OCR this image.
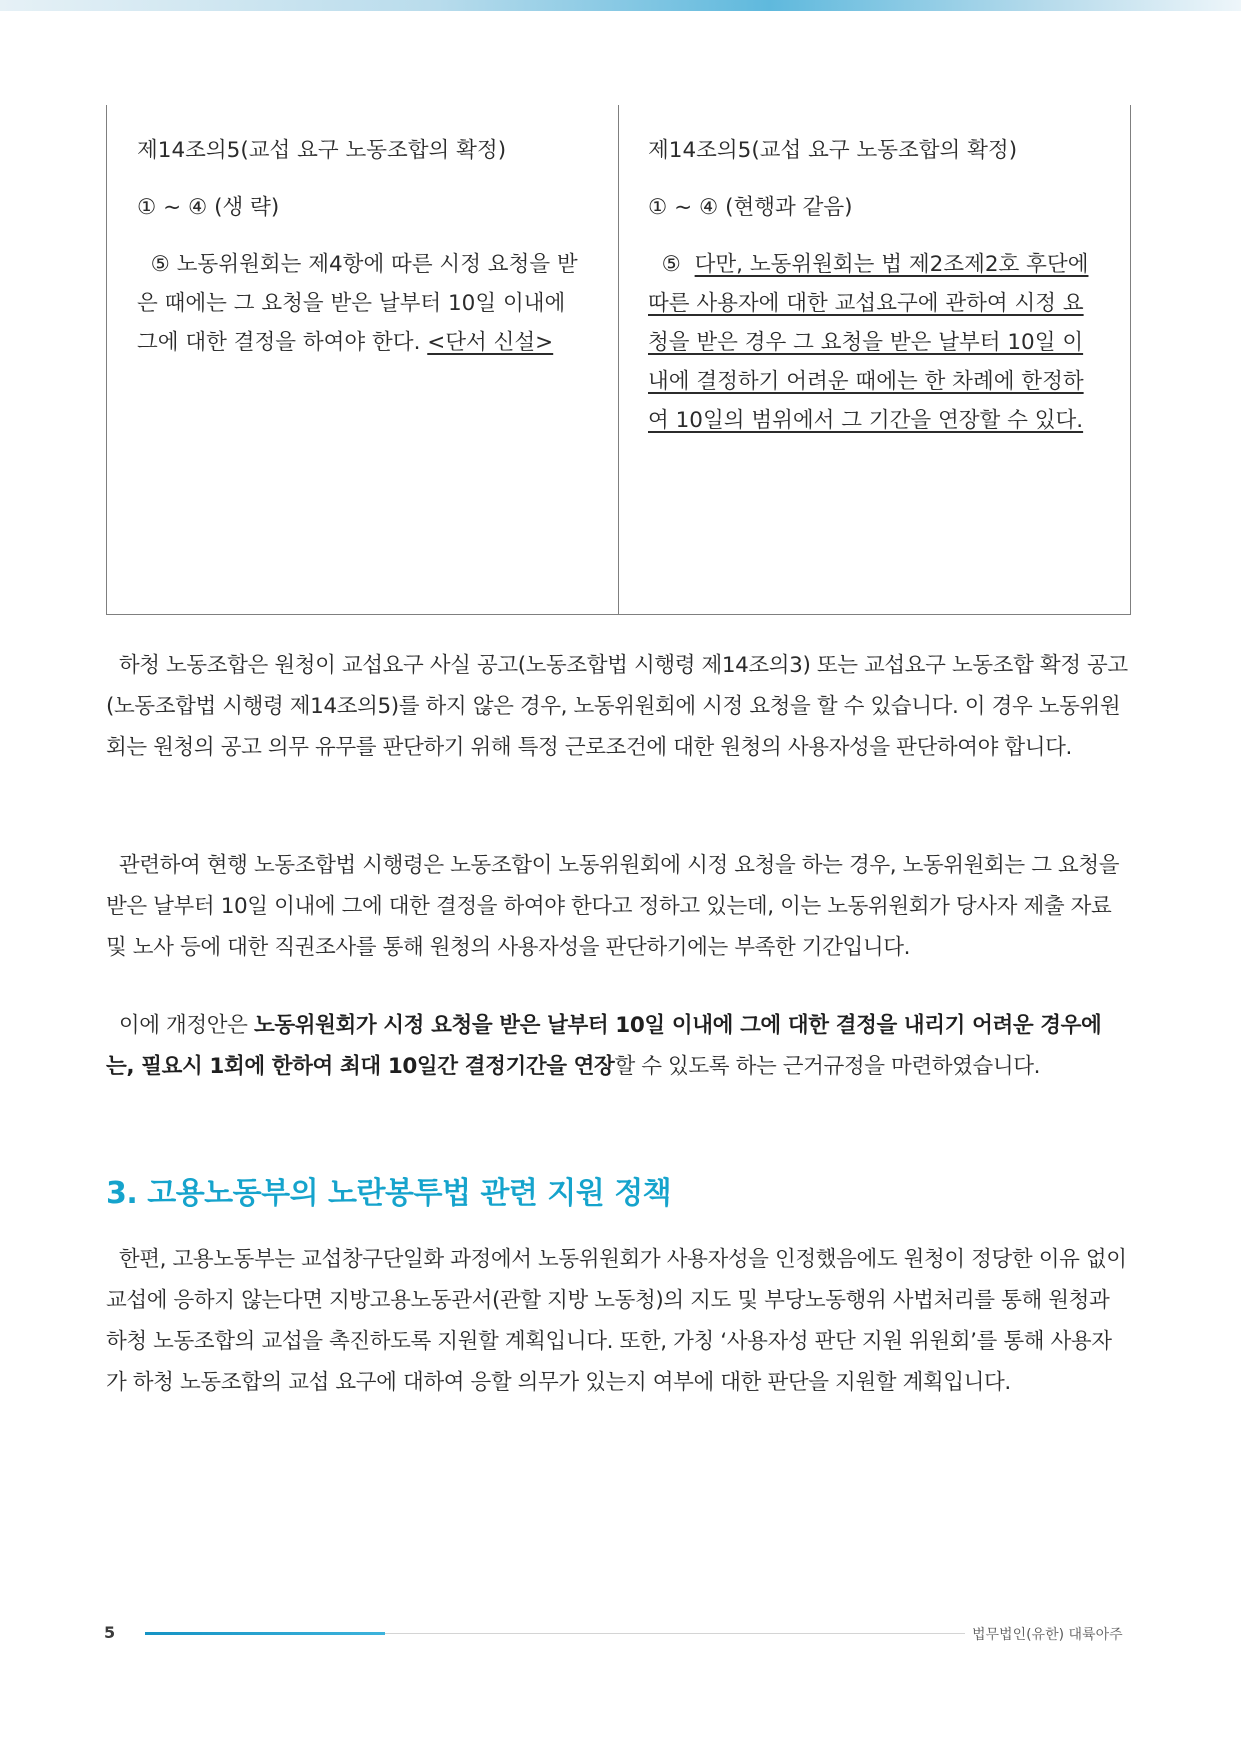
제14조의5(교섭 요구 노동조합의 확정)

① ~ ④ (생 략)

⑤ 노동위원회는 제4항에 따른 시정 요청을 받은 때에는 그 요청을 받은 날부터 10일 이내에 그에 대한 결정을 하여야 한다. <단서 신설>

제14조의5(교섭 요구 노동조합의 확정)

① ~ ④ (현행과 같음)

⑤ 다만, 노동위원회는 법 제2조제2호 후단에 따른 사용자에 대한 교섭요구에 관하여 시정 요청을 받은 경우 그 요청을 받은 날부터 10일 이내에 결정하기 어려운 때에는 한 차례에 한정하여 10일의 범위에서 그 기간을 연장할 수 있다.

하청 노동조합은 원청이 교섭요구 사실 공고(노동조합법 시행령 제14조의3) 또는 교섭요구 노동조합 확정 공고(노동조합법 시행령 제14조의5)를 하지 않은 경우, 노동위원회에 시정 요청을 할 수 있습니다. 이 경우 노동위원회는 원청의 공고 의무 유무를 판단하기 위해 특정 근로조건에 대한 원청의 사용자성을 판단하여야 합니다.

관련하여 현행 노동조합법 시행령은 노동조합이 노동위원회에 시정 요청을 하는 경우, 노동위원회는 그 요청을 받은 날부터 10일 이내에 그에 대한 결정을 하여야 한다고 정하고 있는데, 이는 노동위원회가 당사자 제출 자료 및 노사 등에 대한 직권조사를 통해 원청의 사용자성을 판단하기에는 부족한 기간입니다.

이에 개정안은 노동위원회가 시정 요청을 받은 날부터 10일 이내에 그에 대한 결정을 내리기 어려운 경우에는, 필요시 1회에 한하여 최대 10일간 결정기간을 연장할 수 있도록 하는 근거규정을 마련하였습니다.

3. 고용노동부의 노란봉투법 관련 지원 정책

한편, 고용노동부는 교섭창구단일화 과정에서 노동위원회가 사용자성을 인정했음에도 원청이 정당한 이유 없이 교섭에 응하지 않는다면 지방고용노동관서(관할 지방 노동청)의 지도 및 부당노동행위 사법처리를 통해 원청과 하청 노동조합의 교섭을 촉진하도록 지원할 계획입니다. 또한, 가칭 ‘사용자성 판단 지원 위원회’를 통해 사용자가 하청 노동조합의 교섭 요구에 대하여 응할 의무가 있는지 여부에 대한 판단을 지원할 계획입니다.

5	법무법인(유한) 대륙아주
